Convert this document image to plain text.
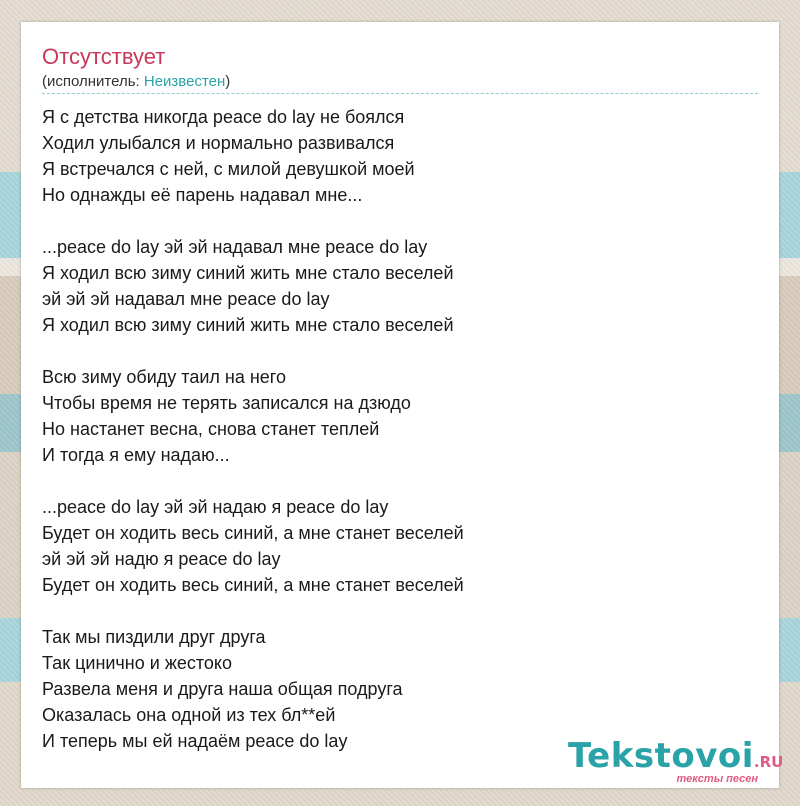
Отсутствует
(исполнитель: Неизвестен)
Я с детства никогда peace do lay не боялся
Ходил улыбался и нормально развивался
Я встречался с ней, с милой девушкой моей
Но однажды её парень надавал мне...
...peace do lay эй эй надавал мне peace do lay
Я ходил всю зиму синий жить мне стало веселей
эй эй эй надавал мне peace do lay
Я ходил всю зиму синий жить мне стало веселей
Всю зиму обиду таил на него
Чтобы время не терять записался на дзюдо
Но настанет весна, снова станет теплей
И тогда я ему надаю...
...peace do lay эй эй надаю я peace do lay
Будет он ходить весь синий, а мне станет веселей
эй эй эй надю я peace do lay
Будет он ходить весь синий, а мне станет веселей
Так мы пиздили друг друга
Так цинично и жестоко
Развела меня и друга наша общая подруга
Оказалась она одной из тех бл**ей
И теперь мы ей надаём peace do lay	Tekstovoi.RU
тексты песен
